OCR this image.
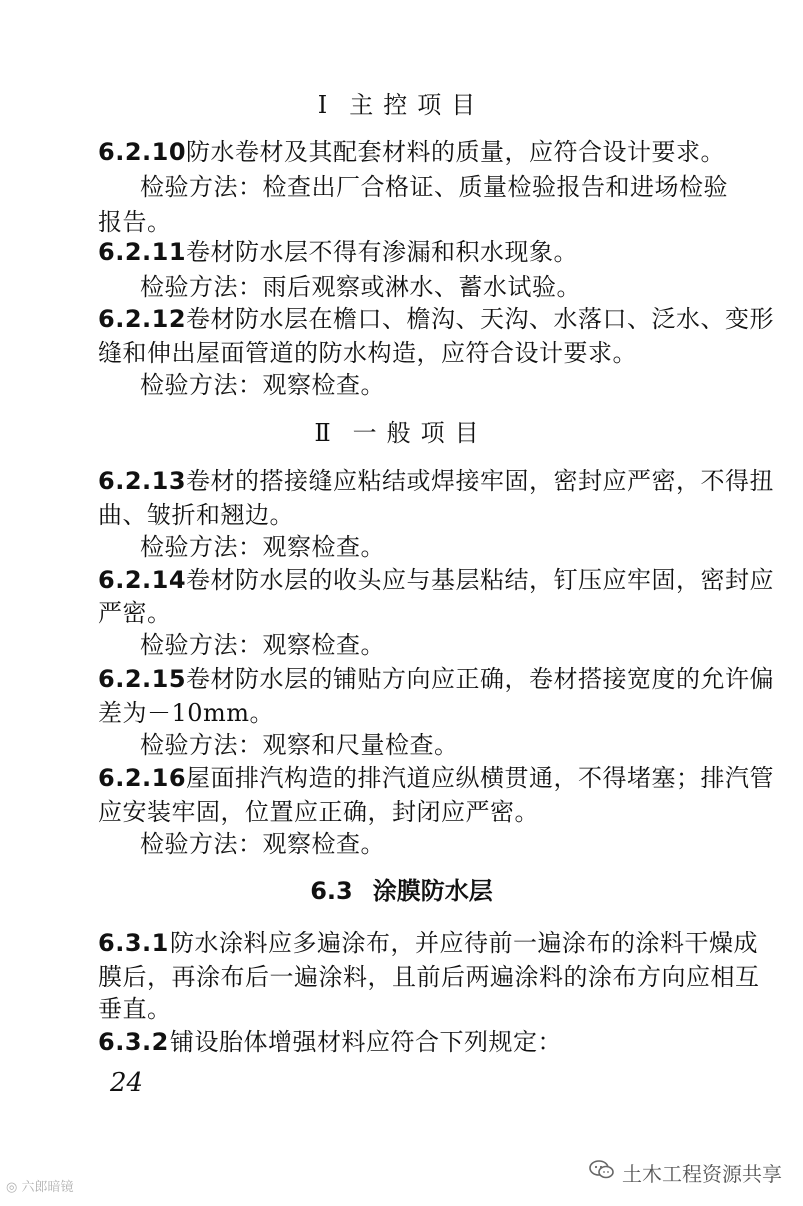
Ⅰ 主控项目
6.2.10防水卷材及其配套材料的质量，应符合设计要求。
检验方法：检查出厂合格证、质量检验报告和进场检验
报告。
6.2.11卷材防水层不得有渗漏和积水现象。
检验方法：雨后观察或淋水、蓄水试验。
6.2.12卷材防水层在檐口、檐沟、天沟、水落口、泛水、变形
缝和伸出屋面管道的防水构造，应符合设计要求。
检验方法：观察检查。
Ⅱ 一般项目
6.2.13卷材的搭接缝应粘结或焊接牢固，密封应严密，不得扭
曲、皱折和翘边。
检验方法：观察检查。
6.2.14卷材防水层的收头应与基层粘结，钉压应牢固，密封应
严密。
检验方法：观察检查。
6.2.15卷材防水层的铺贴方向应正确，卷材搭接宽度的允许偏
差为－10mm。
检验方法：观察和尺量检查。
6.2.16屋面排汽构造的排汽道应纵横贯通，不得堵塞；排汽管
应安装牢固，位置应正确，封闭应严密。
检验方法：观察检查。
6.3 涂膜防水层
6.3.1防水涂料应多遍涂布，并应待前一遍涂布的涂料干燥成
膜后，再涂布后一遍涂料，且前后两遍涂料的涂布方向应相互
垂直。
6.3.2铺设胎体增强材料应符合下列规定：
24
土木工程资源共享
◎ 六郎暗镜
